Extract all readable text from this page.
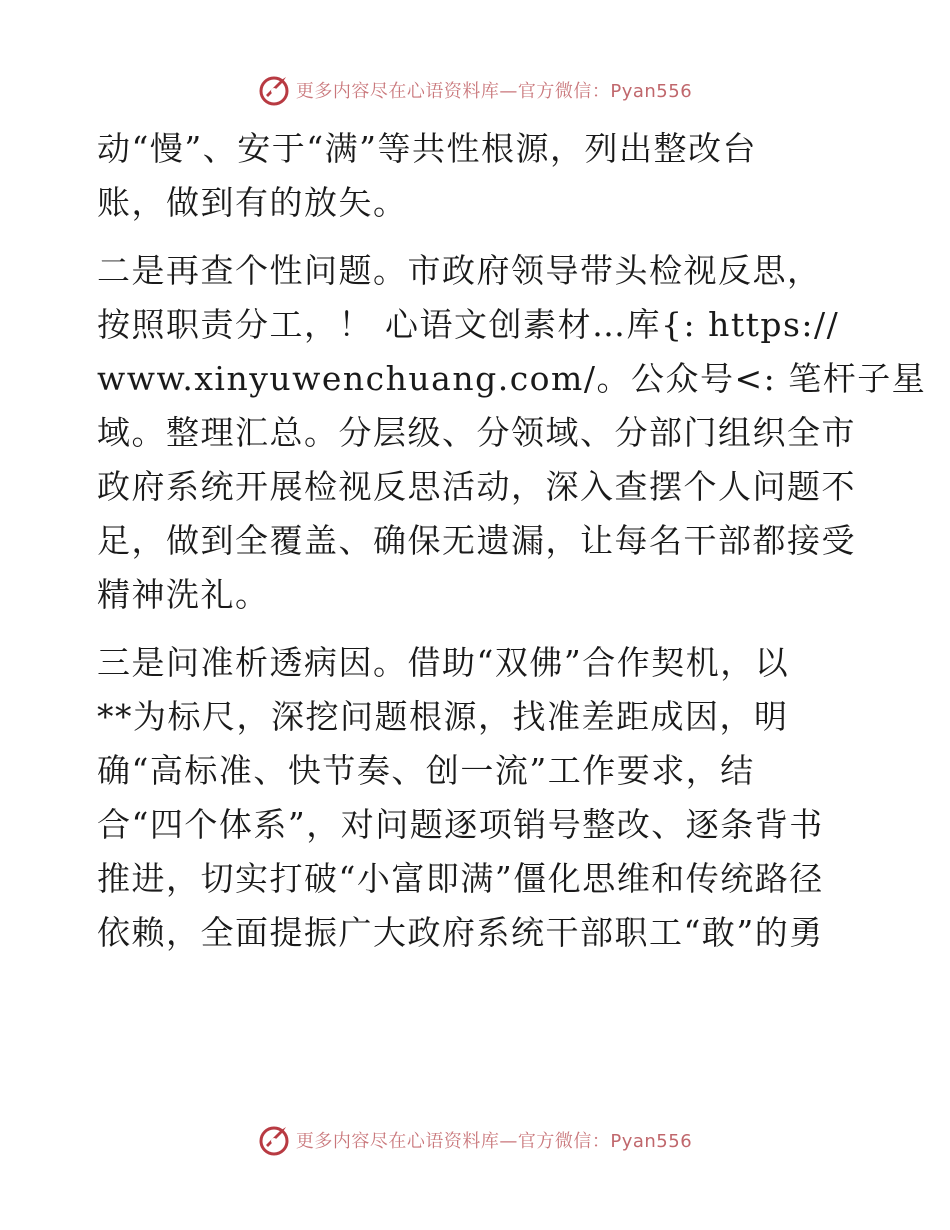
更多内容尽在心语资料库—官方微信：Pyan556
动“慢”、安于“满”等共性根源，列出整改台
账，做到有的放矢。
二是再查个性问题。市政府领导带头检视反思，
按照职责分工，！ 心语文创素材…库{: https://
www.xinyuwenchuang.com/。公众号<: 笔杆子星
域。整理汇总。分层级、分领域、分部门组织全市
政府系统开展检视反思活动，深入查摆个人问题不
足，做到全覆盖、确保无遗漏，让每名干部都接受
精神洗礼。
三是问准析透病因。借助“双佛”合作契机，以
**为标尺，深挖问题根源，找准差距成因，明
确“高标准、快节奏、创一流”工作要求，结
合“四个体系”，对问题逐项销号整改、逐条背书
推进，切实打破“小富即满”僵化思维和传统路径
依赖，全面提振广大政府系统干部职工“敢”的勇
更多内容尽在心语资料库—官方微信：Pyan556
